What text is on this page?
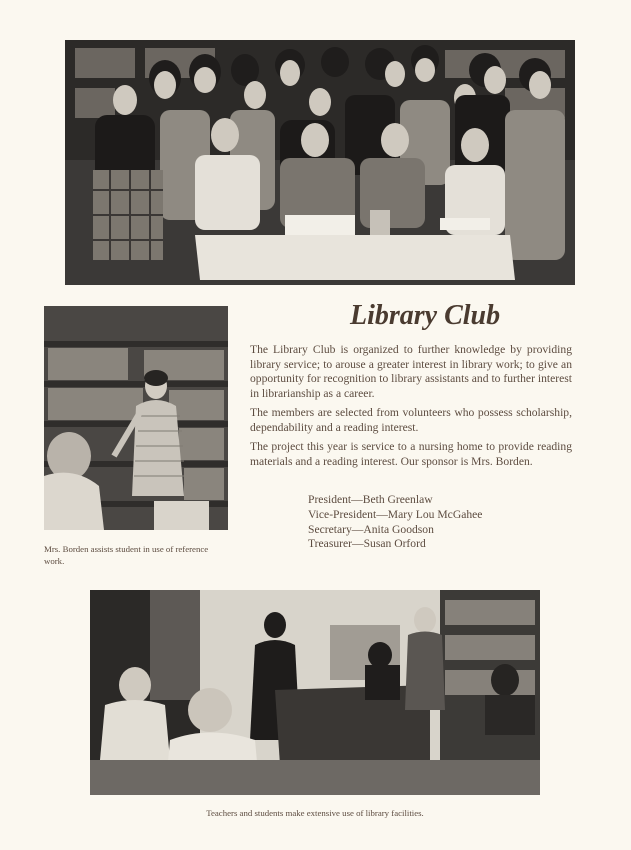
Library Club

The Library Club is organized to further knowledge by providing library service; to arouse a greater interest in library work; to give an opportunity for recognition to library assistants and to further interest in librarianship as a career.

The members are selected from volunteers who possess scholarship, dependability and a reading interest.

The project this year is service to a nursing home to provide reading materials and a reading interest. Our sponsor is Mrs. Borden.

President—Beth Greenlaw
Vice-President—Mary Lou McGahee
Secretary—Anita Goodson
Treasurer—Susan Orford
Mrs. Borden assists student in use of reference work.
Teachers and students make extensive use of library facilities.
